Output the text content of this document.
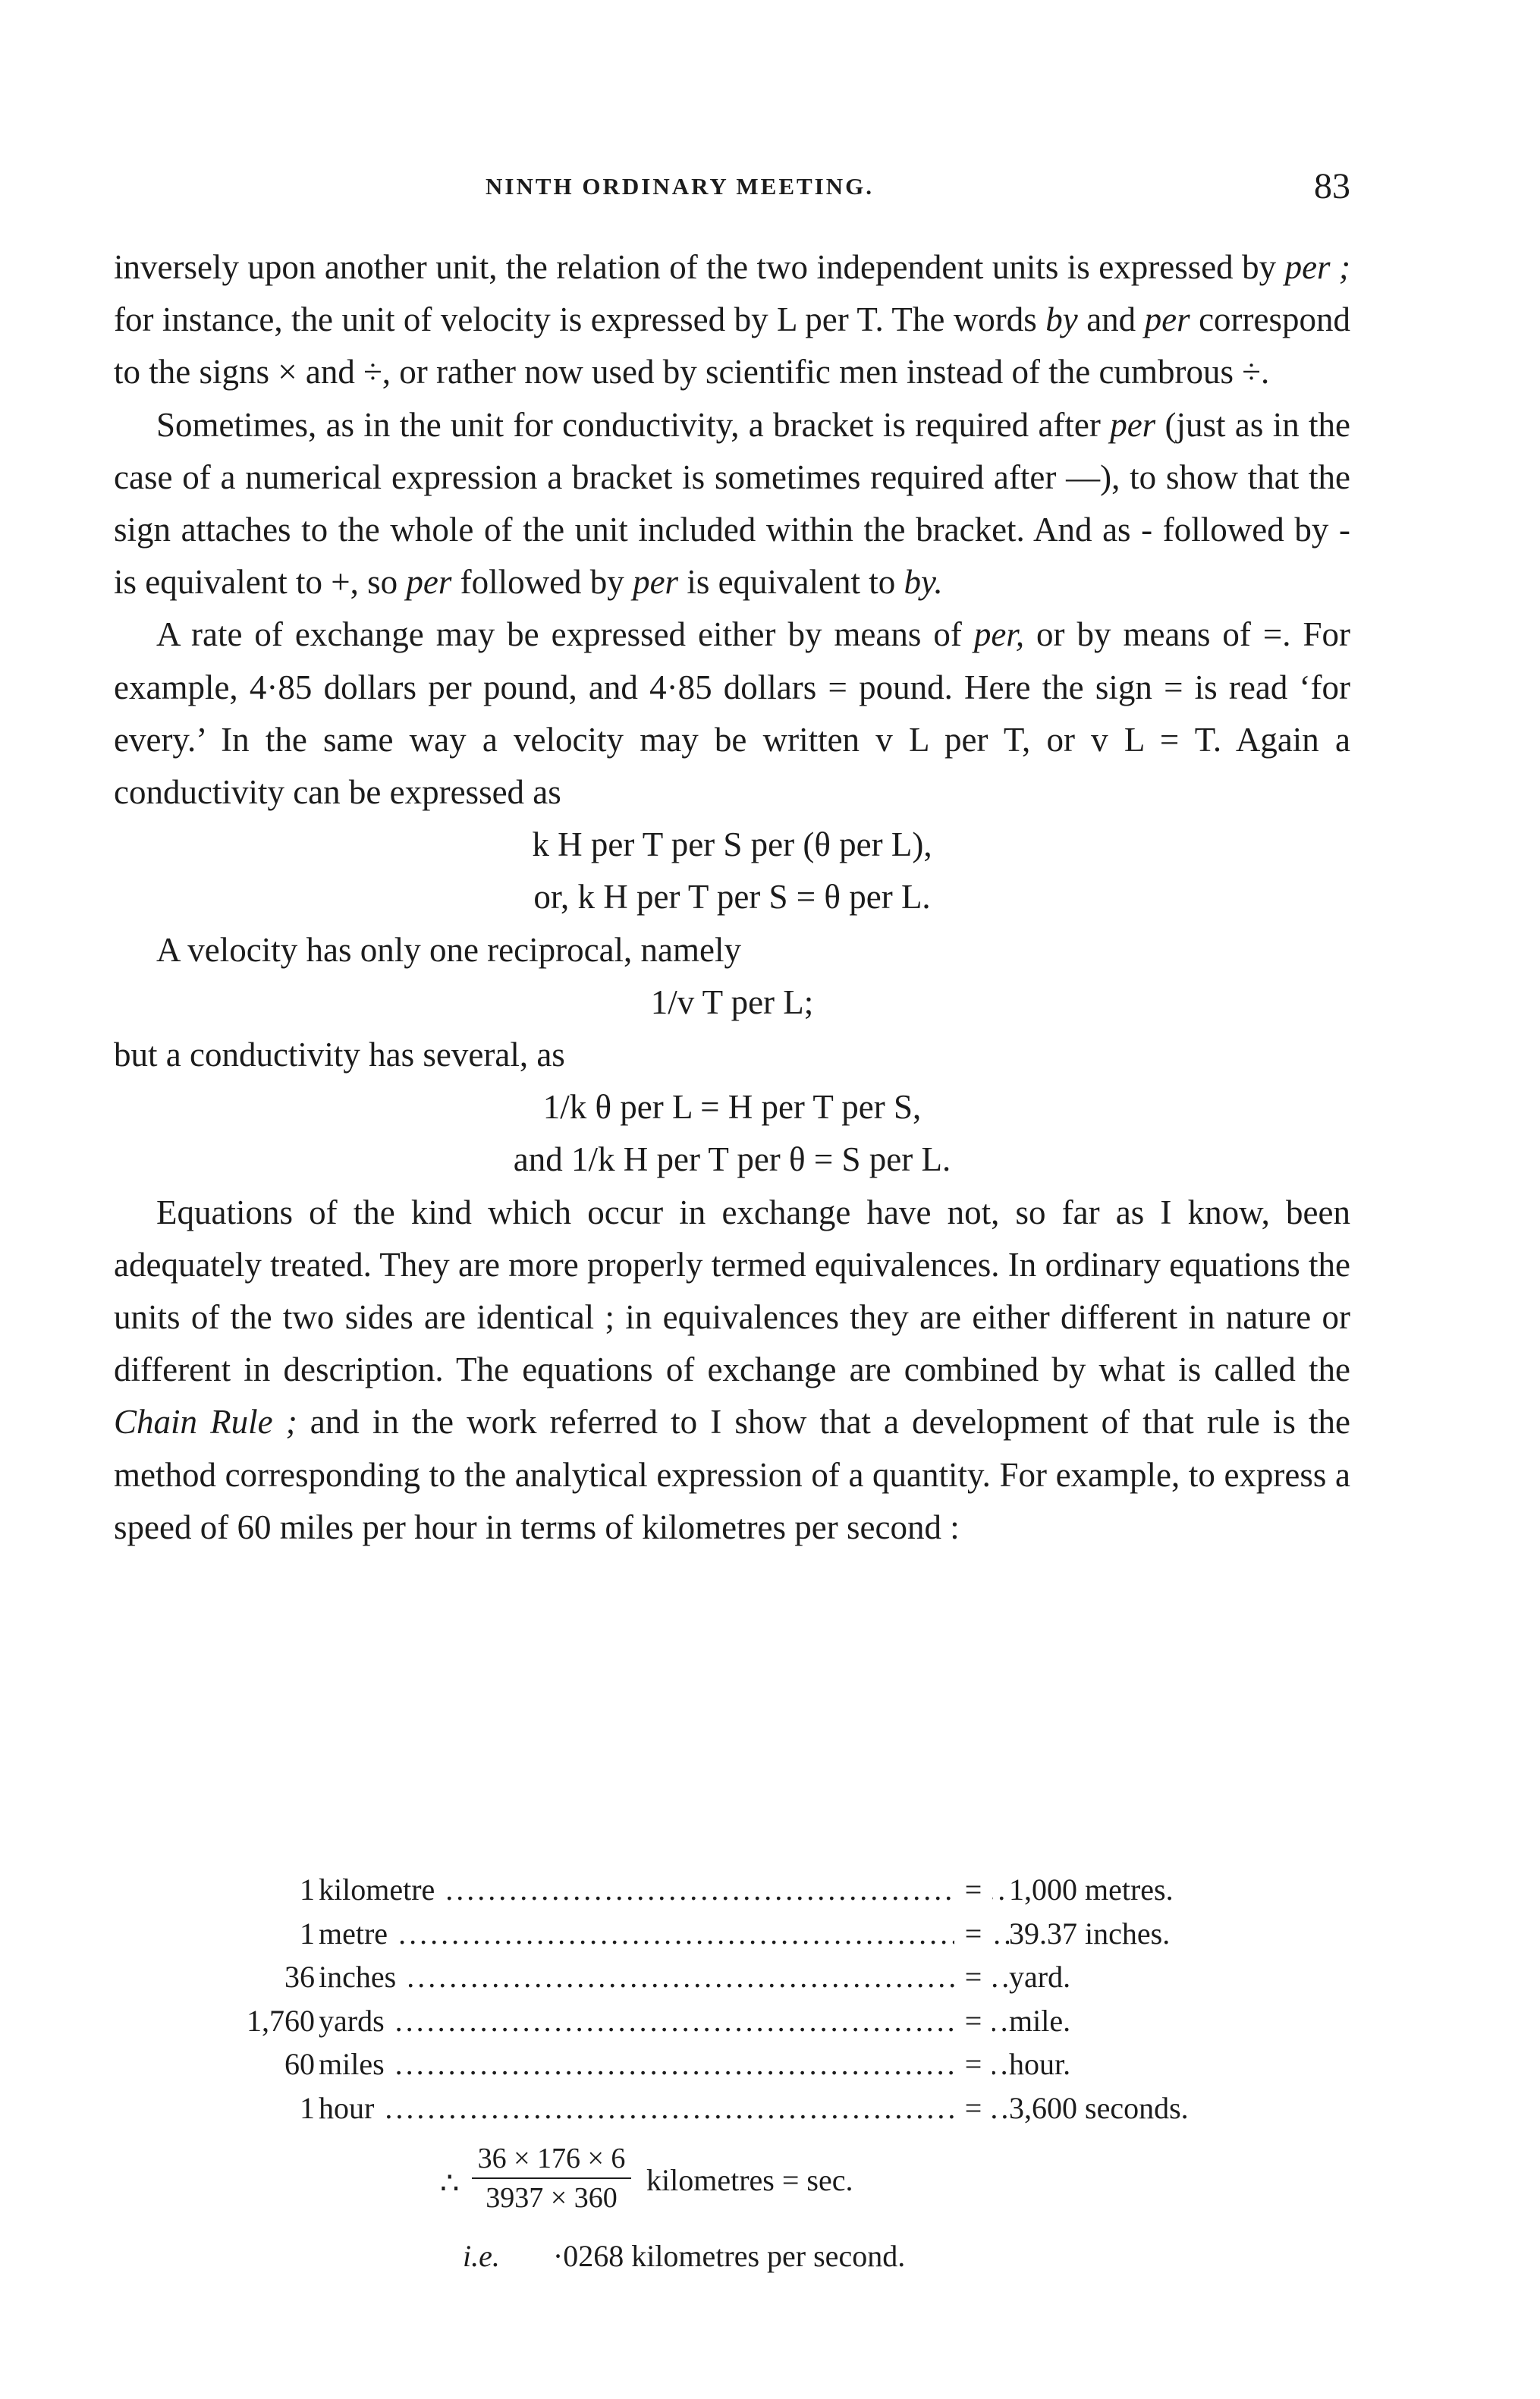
NINTH ORDINARY MEETING.	83

inversely upon another unit, the relation of the two independent units is expressed by per ; for instance, the unit of velocity is expressed by L per T. The words by and per correspond to the signs × and ÷, or rather now used by scientific men instead of the cumbrous ÷.

Sometimes, as in the unit for conductivity, a bracket is required after per (just as in the case of a numerical expression a bracket is sometimes required after —), to show that the sign attaches to the whole of the unit included within the bracket. And as - followed by - is equivalent to +, so per followed by per is equivalent to by.

A rate of exchange may be expressed either by means of per, or by means of =. For example, 4·85 dollars per pound, and 4·85 dollars = pound. Here the sign = is read ‘for every.’ In the same way a velocity may be written v L per T, or v L = T. Again a conductivity can be expressed as

k H per T per S per (θ per L),
or, k H per T per S = θ per L.

A velocity has only one reciprocal, namely

1/v T per L;

but a conductivity has several, as

1/k θ per L = H per T per S,
and 1/k H per T per θ = S per L.

Equations of the kind which occur in exchange have not, so far as I know, been adequately treated. They are more properly termed equivalences. In ordinary equations the units of the two sides are identical ; in equivalences they are either different in nature or different in description. The equations of exchange are combined by what is called the Chain Rule ; and in the work referred to I show that a development of that rule is the method corresponding to the analytical expression of a quantity. For example, to express a speed of 60 miles per hour in terms of kilometres per second :

1 kilometre .....	= 1,000 metres.
1 metre .....	= 39.37 inches.
36 inches .....	= yard.
1,760 yards .....	= mile.
60 miles .....	= hour.
1 hour .....	= 3,600 seconds.
∴ $\frac{36 \times 176 \times 6}{3937 \times 360}$ kilometres = sec.
i.e. ·0268 kilometres per second.
